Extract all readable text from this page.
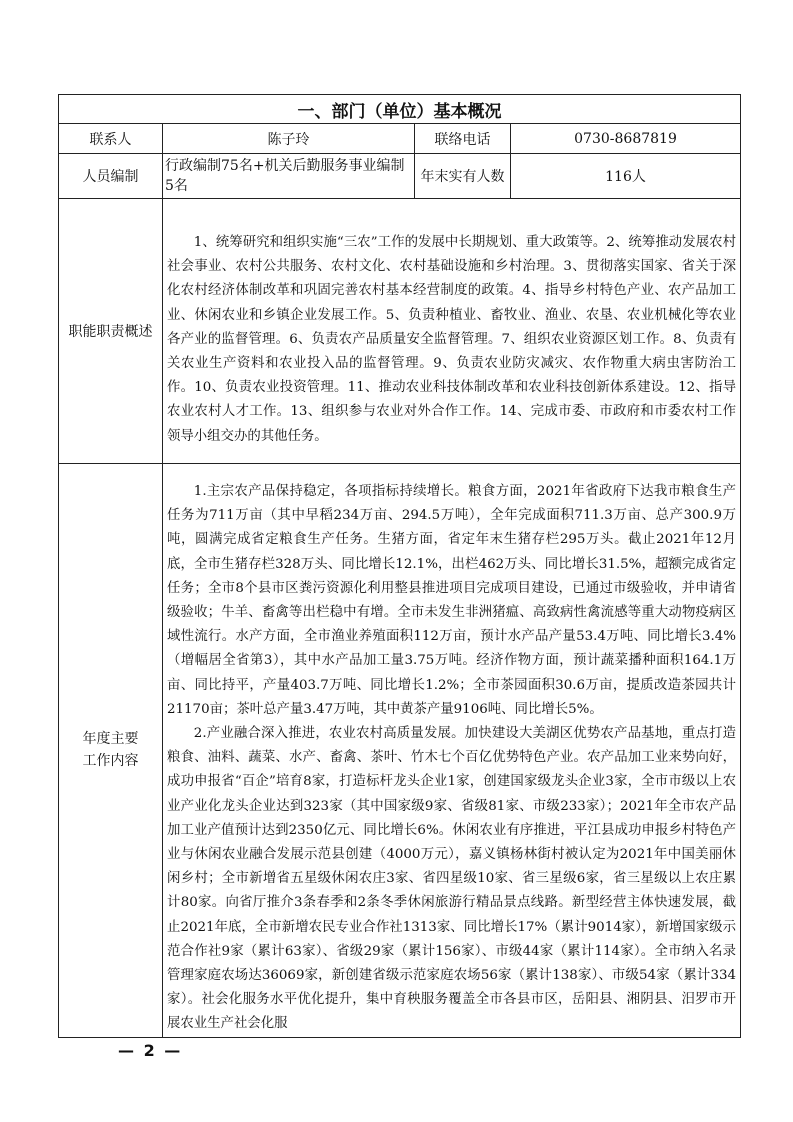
一、部门（单位）基本概况			
联系人	陈子玲	联络电话	0730-8687819
人员编制	行政编制75名+机关后勤服务事业编制5名	年末实有人数	116人
职能职责概述	1、统筹研究和组织实施“三农”工作的发展中长期规划、重大政策等。2、统筹推动发展农村社会事业、农村公共服务、农村文化、农村基础设施和乡村治理。3、贯彻落实国家、省关于深化农村经济体制改革和巩固完善农村基本经营制度的政策。4、指导乡村特色产业、农产品加工业、休闲农业和乡镇企业发展工作。5、负责种植业、畜牧业、渔业、农垦、农业机械化等农业各产业的监督管理。6、负责农产品质量安全监督管理。7、组织农业资源区划工作。8、负责有关农业生产资料和农业投入品的监督管理。9、负责农业防灾减灾、农作物重大病虫害防治工作。10、负责农业投资管理。11、推动农业科技体制改革和农业科技创新体系建设。12、指导农业农村人才工作。13、组织参与农业对外合作工作。14、完成市委、市政府和市委农村工作领导小组交办的其他任务。		

年度主要工作内容	1.主宗农产品保持稳定，各项指标持续增长。粮食方面，2021年省政府下达我市粮食生产任务为711万亩（其中早稻234万亩、294.5万吨），全年完成面积711.3万亩、总产300.9万吨，圆满完成省定粮食生产任务。生猪方面，省定年末生猪存栏295万头。截止2021年12月底，全市生猪存栏328万头、同比增长12.1%，出栏462万头、同比增长31.5%，超额完成省定任务；全市8个县市区粪污资源化利用整县推进项目完成项目建设，已通过市级验收，并申请省级验收；牛羊、畜禽等出栏稳中有增。全市未发生非洲猪瘟、高致病性禽流感等重大动物疫病区域性流行。水产方面，全市渔业养殖面积112万亩，预计水产品产量53.4万吨、同比增长3.4%（增幅居全省第3），其中水产品加工量3.75万吨。经济作物方面，预计蔬菜播种面积164.1万亩、同比持平，产量403.7万吨、同比增长1.2%；全市茶园面积30.6万亩，提质改造茶园共计21170亩；茶叶总产量3.47万吨，其中黄茶产量9106吨、同比增长5%。

2.产业融合深入推进，农业农村高质量发展。加快建设大美湖区优势农产品基地，重点打造粮食、油料、蔬菜、水产、畜禽、茶叶、竹木七个百亿优势特色产业。农产品加工业来势向好，成功申报省“百企”培育8家，打造标杆龙头企业1家，创建国家级龙头企业3家，全市市级以上农业产业化龙头企业达到323家（其中国家级9家、省级81家、市级233家）；2021年全市农产品加工业产值预计达到2350亿元、同比增长6%。休闲农业有序推进，平江县成功申报乡村特色产业与休闲农业融合发展示范县创建（4000万元），嘉义镇杨林街村被认定为2021年中国美丽休闲乡村；全市新增省五星级休闲农庄3家、省四星级10家、省三星级6家，省三星级以上农庄累计80家。向省厅推介3条春季和2条冬季休闲旅游行精品景点线路。新型经营主体快速发展，截止2021年底，全市新增农民专业合作社1313家、同比增长17%（累计9014家），新增国家级示范合作社9家（累计63家）、省级29家（累计156家）、市级44家（累计114家）。全市纳入名录管理家庭农场达36069家，新创建省级示范家庭农场56家（累计138家）、市级54家（累计334家）。社会化服务水平优化提升，集中育秧服务覆盖全市各县市区，岳阳县、湘阴县、汨罗市开展农业生产社会化服		

— 2 —
